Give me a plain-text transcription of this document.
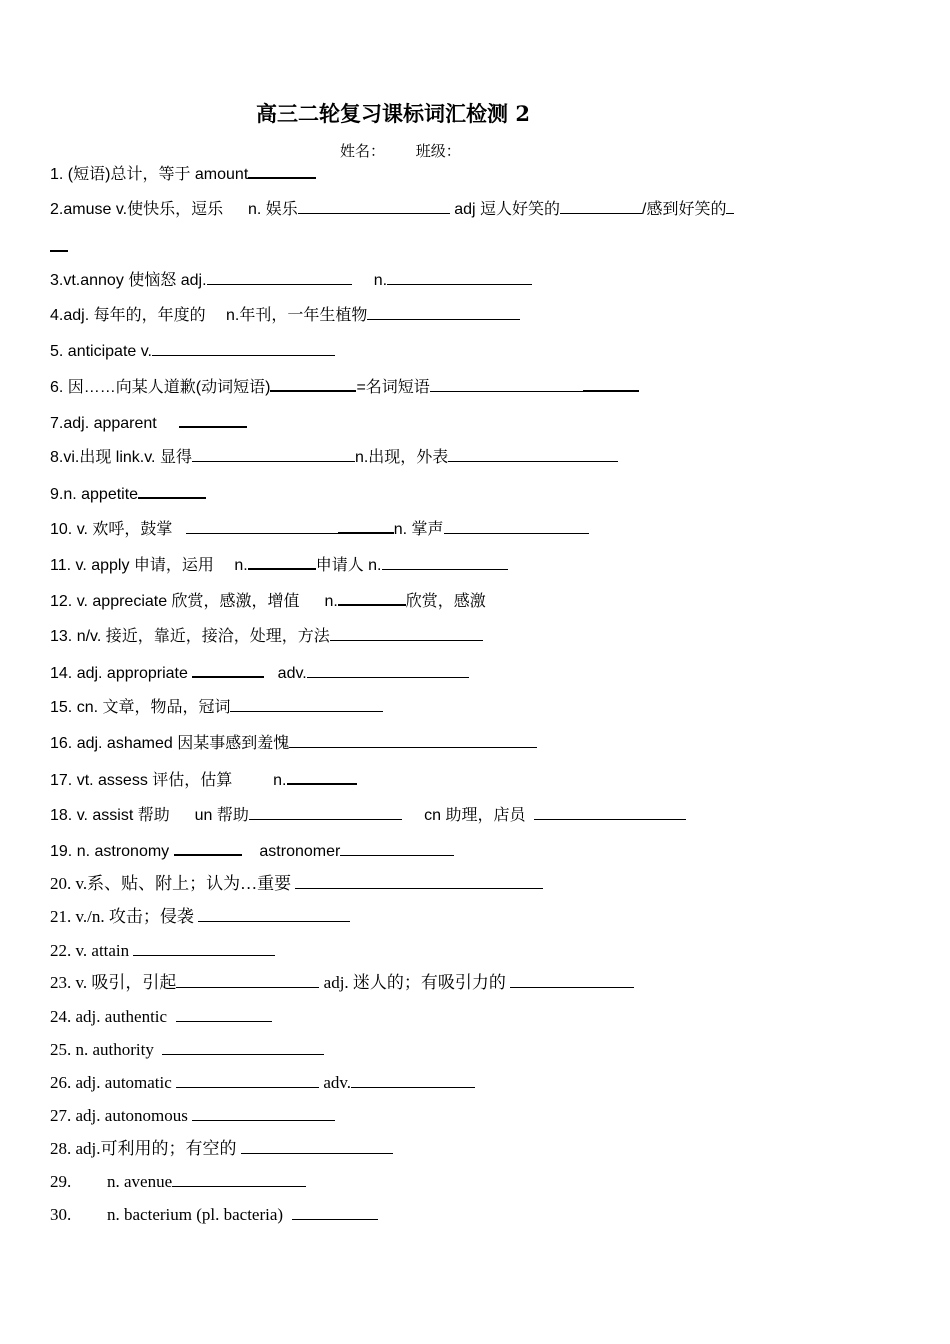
高三二轮复习课标词汇检测 2
姓名： 班级：
1. (短语)总计，等于 amount
2.amuse v.使快乐，逗乐 　 n. 娱乐	adj 逗人好笑的	/感到好笑的
3.vt.annoy 使恼怒 adj.	n.
4.adj. 每年的，年度的 　n.年刊，一年生植物
5. anticipate v.
6. 因……向某人道歉(动词短语)	=名词短语
7.adj. apparent
8.vi.出现 link.v. 显得	n.出现，外表
9.n. appetite
10. v. 欢呼，鼓掌	n. 掌声
11. v. apply 申请，运用 　n.	申请人 n.
12. v. appreciate 欣赏，感激，增值 　 n.	欣赏，感激
13. n/v. 接近，靠近，接洽，处理，方法
14. adj. appropriate	adv.
15. cn. 文章，物品，冠词
16. adj. ashamed 因某事感到羞愧
17. vt. assess 评估，估算 　 　n.
18. v. assist 帮助 　 un 帮助	cn 助理，店员
19. n. astronomy	astronomer
20. v.系、贴、附上；认为…重要
21. v./n. 攻击；侵袭
22. v. attain
23. v. 吸引，引起	adj. 迷人的；有吸引力的
24. adj. authentic
25. n. authority
26. adj. automatic	adv.
27. adj. autonomous
28. adj.可利用的；有空的
29. n. avenue
30. n. bacterium (pl. bacteria)
